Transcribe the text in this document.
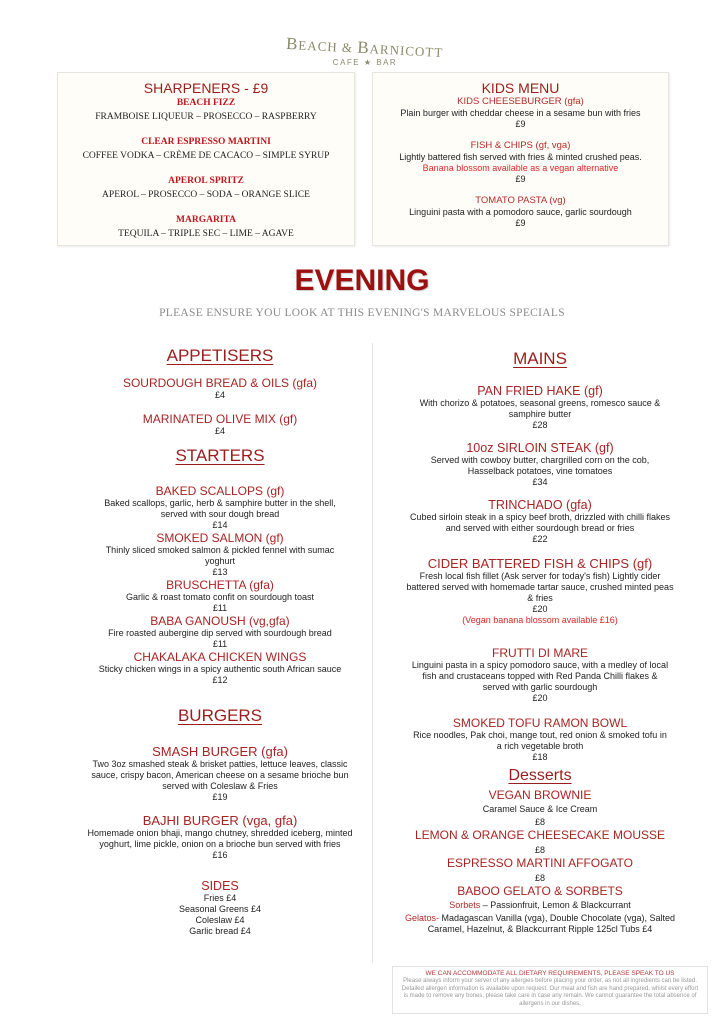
BEACH & BARNICOTT
CAFE ★ BAR
SHARPENERS - £9
BEACH FIZZ
FRAMBOISE LIQUEUR – PROSECCO – RASPBERRY
CLEAR ESPRESSO MARTINI
COFFEE VODKA – CRÈME DE CACACO – SIMPLE SYRUP
APEROL SPRITZ
APEROL – PROSECCO – SODA – ORANGE SLICE
MARGARITA
TEQUILA – TRIPLE SEC – LIME – AGAVE
KIDS MENU
KIDS CHEESEBURGER (gfa)
Plain burger with cheddar cheese in a sesame bun with fries
£9
FISH & CHIPS (gf, vga)
Lightly battered fish served with fries & minted crushed peas.
Banana blossom available as a vegan alternative
£9
TOMATO PASTA (vg)
Linguini pasta with a pomodoro sauce, garlic sourdough
£9
EVENING
PLEASE ENSURE YOU LOOK AT THIS EVENING'S MARVELOUS SPECIALS
APPETISERS
SOURDOUGH BREAD & OILS (gfa)
£4
MARINATED OLIVE MIX (gf)
£4
STARTERS
BAKED SCALLOPS (gf)
Baked scallops, garlic, herb & samphire butter in the shell, served with sour dough bread
£14
SMOKED SALMON (gf)
Thinly sliced smoked salmon & pickled fennel with sumac yoghurt
£13
BRUSCHETTA (gfa)
Garlic & roast tomato confit on sourdough toast
£11
BABA GANOUSH (vg,gfa)
Fire roasted aubergine dip served with sourdough bread
£11
CHAKALAKA CHICKEN WINGS
Sticky chicken wings in a spicy authentic south African sauce
£12
BURGERS
SMASH BURGER (gfa)
Two 3oz smashed steak & brisket patties, lettuce leaves, classic sauce, crispy bacon, American cheese on a sesame brioche bun served with Coleslaw & Fries
£19
BAJHI BURGER (vga, gfa)
Homemade onion bhaji, mango chutney, shredded iceberg, minted yoghurt, lime pickle, onion on a brioche bun served with fries
£16
SIDES
Fries £4
Seasonal Greens £4
Coleslaw £4
Garlic bread £4
MAINS
PAN FRIED HAKE (gf)
With chorizo & potatoes, seasonal greens, romesco sauce & samphire butter
£28
10oz SIRLOIN STEAK (gf)
Served with cowboy butter, chargrilled corn on the cob, Hasselback potatoes, vine tomatoes
£34
TRINCHADO (gfa)
Cubed sirloin steak in a spicy beef broth, drizzled with chilli flakes and served with either sourdough bread or fries
£22
CIDER BATTERED FISH & CHIPS (gf)
Fresh local fish fillet (Ask server for today's fish) Lightly cider battered served with homemade tartar sauce, crushed minted peas & fries
£20
(Vegan banana blossom available £16)
FRUTTI DI MARE
Linguini pasta in a spicy pomodoro sauce, with a medley of local fish and crustaceans topped with Red Panda Chilli flakes & served with garlic sourdough
£20
SMOKED TOFU RAMON BOWL
Rice noodles, Pak choi, mange tout, red onion & smoked tofu in a rich vegetable broth
£18
Desserts
VEGAN BROWNIE
Caramel Sauce & Ice Cream
£8
LEMON & ORANGE CHEESECAKE MOUSSE
£8
ESPRESSO MARTINI AFFOGATO
£8
BABOO GELATO & SORBETS
Sorbets – Passionfruit, Lemon & Blackcurrant
Gelatos- Madagascan Vanilla (vga), Double Chocolate (vga), Salted Caramel, Hazelnut, & Blackcurrant Ripple 125cl Tubs £4
WE CAN ACCOMMODATE ALL DIETARY REQUIREMENTS, PLEASE SPEAK TO US
Please always inform your server of any allergies before placing your order, as not all ingredients can be listed. Detailed allergen information is available upon request. Our meat and fish are hand prepared, whilst every effort is made to remove any bones, please take care in case any remain. We cannot guarantee the total absence of allergens in our dishes.
